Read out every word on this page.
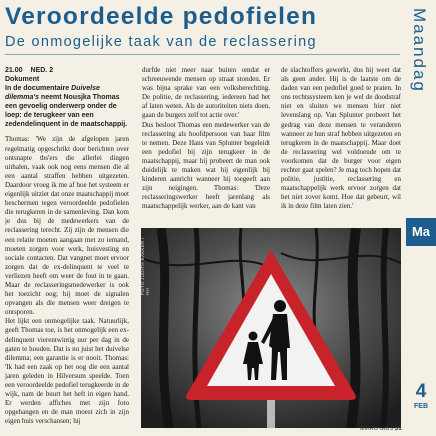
Veroordeelde pedofielen
De onmogelijke taak van de reclassering
21.00 NED. 2
Dokument
In de documentaire Duivelse dilemma's neemt Nousjka Thomas een gevoelig onderwerp onder de loep: de terugkeer van een zedendelinquent in de maatschappij.

Thomas: 'We zijn de afgelopen jaren regelmatig opgeschrikt door berichten over ontsnapte tbs'ers die allerlei dingen uithalen, vaak ook nog eens mensen die al een aantal straffen hebben uitgezeten. Daardoor vroeg ik me af hoe het systeem er eigenlijk uitziet dat onze maatschappij moet beschermen tegen veroordeelde pedofielen die terugkeren in de samenleving. Dan kom je dus bij de medewerkers van de reclassering terecht. Zij zijn de mensen die een relatie moeten aangaan met zo iemand, moeten zorgen voor werk, huisvesting en sociale contacten. Dat vangnet moet ervoor zorgen dat de ex-delinquent te veel te verliezen heeft om weer de fout in te gaan. Maar de reclasseringsmedewerker is ook het toezicht oog; hij moet de signalen opvangen als die mensen weer dreigen te ontsporen.

Het lijkt een onmogelijke taak. Natuurlijk, geeft Thomas toe, is het onmogelijk een ex-delinquent vierentwintig uur per dag in de gaten te houden. Dat is nu juist het duivelse dilemma; een garantie is er nooit. Thomas: 'Ik had een zaak op het oog die een aantal jaren geleden in Hilversum speelde. Toen een veroordeelde pedofiel terugkeerde in de wijk, nam de buurt het heft in eigen hand. Er werden affiches met zijn foto opgehangen en de man moest zich in zijn eigen huis verschansen; hij

durfde niet meer naar buiten omdat er schreeuwende mensen op straat stonden. Er was bijna sprake van een volksberechting. De politie, de reclassering, iedereen had het af laten weten. Als de autoriteiten niets doen, gaan de burgers zelf tot actie over.'

Dus besloot Thomas een medewerker van de reclassering als hoofdpersoon van haar film te nemen. Deze Hans van Splunter begeleidt een pedofiel bij zijn terugkeer in de maatschappij, maar hij probeert de man ook duidelijk te maken wat hij eigenlijk bij kinderen aanricht wanneer hij toegeeft aan zijn neigingen. Thomas: 'Deze reclasseringswerker heeft jarenlang als maatschappelijk werker, aan de kant van

de slachtoffers gewerkt, dus hij weet dat als geen ander. Hij is de laatste om de daden van een pedofiel goed te praten. In ons rechtssysteem ken je wel de doodstraf niet en sluiten we mensen hier niet levenslang op. Van Splunter probeert het gedrag van deze mensen te veranderen wanneer ze hun straf hebben uitgezeten en terugkeren in de maatschappij. Maar doet de reclassering wel voldoende om te voorkomen dat de burger voor eigen rechter gaat spelen? Je mag toch hopen dat politie, justitie, reclassering en maatschappelijk werk ervoor zorgen dat het niet zover komt. Hoe dat gebeurt, wil ik in deze film laten zien.'

FOTO JUDITH BAKKER / HH
Maandag
Ma
4
FEB
MIKRO GIDS 31
